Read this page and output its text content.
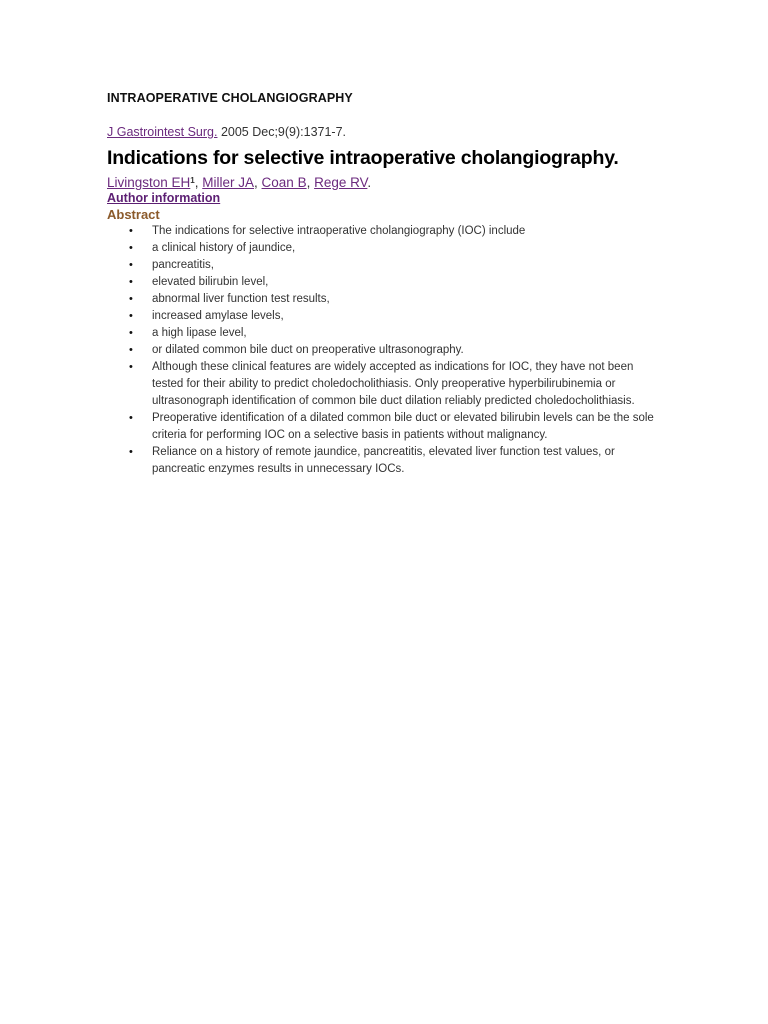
INTRAOPERATIVE CHOLANGIOGRAPHY
J Gastrointest Surg. 2005 Dec;9(9):1371-7.
Indications for selective intraoperative cholangiography.
Livingston $EH^1$, Miller JA, Coan B, Rege RV.
Author information
Abstract
• The indications for selective intraoperative cholangiography (IOC) include
• a clinical history of jaundice,
• pancreatitis,
• elevated bilirubin level,
• abnormal liver function test results,
• increased amylase levels,
• a high lipase level,
• or dilated common bile duct on preoperative ultrasonography.
• Although these clinical features are widely accepted as indications for IOC, they have not been tested for their ability to predict choledocholithiasis. Only preoperative hyperbilirubinemia or ultrasonograph identification of common bile duct dilation reliably predicted choledocholithiasis.
• Preoperative identification of a dilated common bile duct or elevated bilirubin levels can be the sole criteria for performing IOC on a selective basis in patients without malignancy.
• Reliance on a history of remote jaundice, pancreatitis, elevated liver function test values, or pancreatic enzymes results in unnecessary IOCs.
